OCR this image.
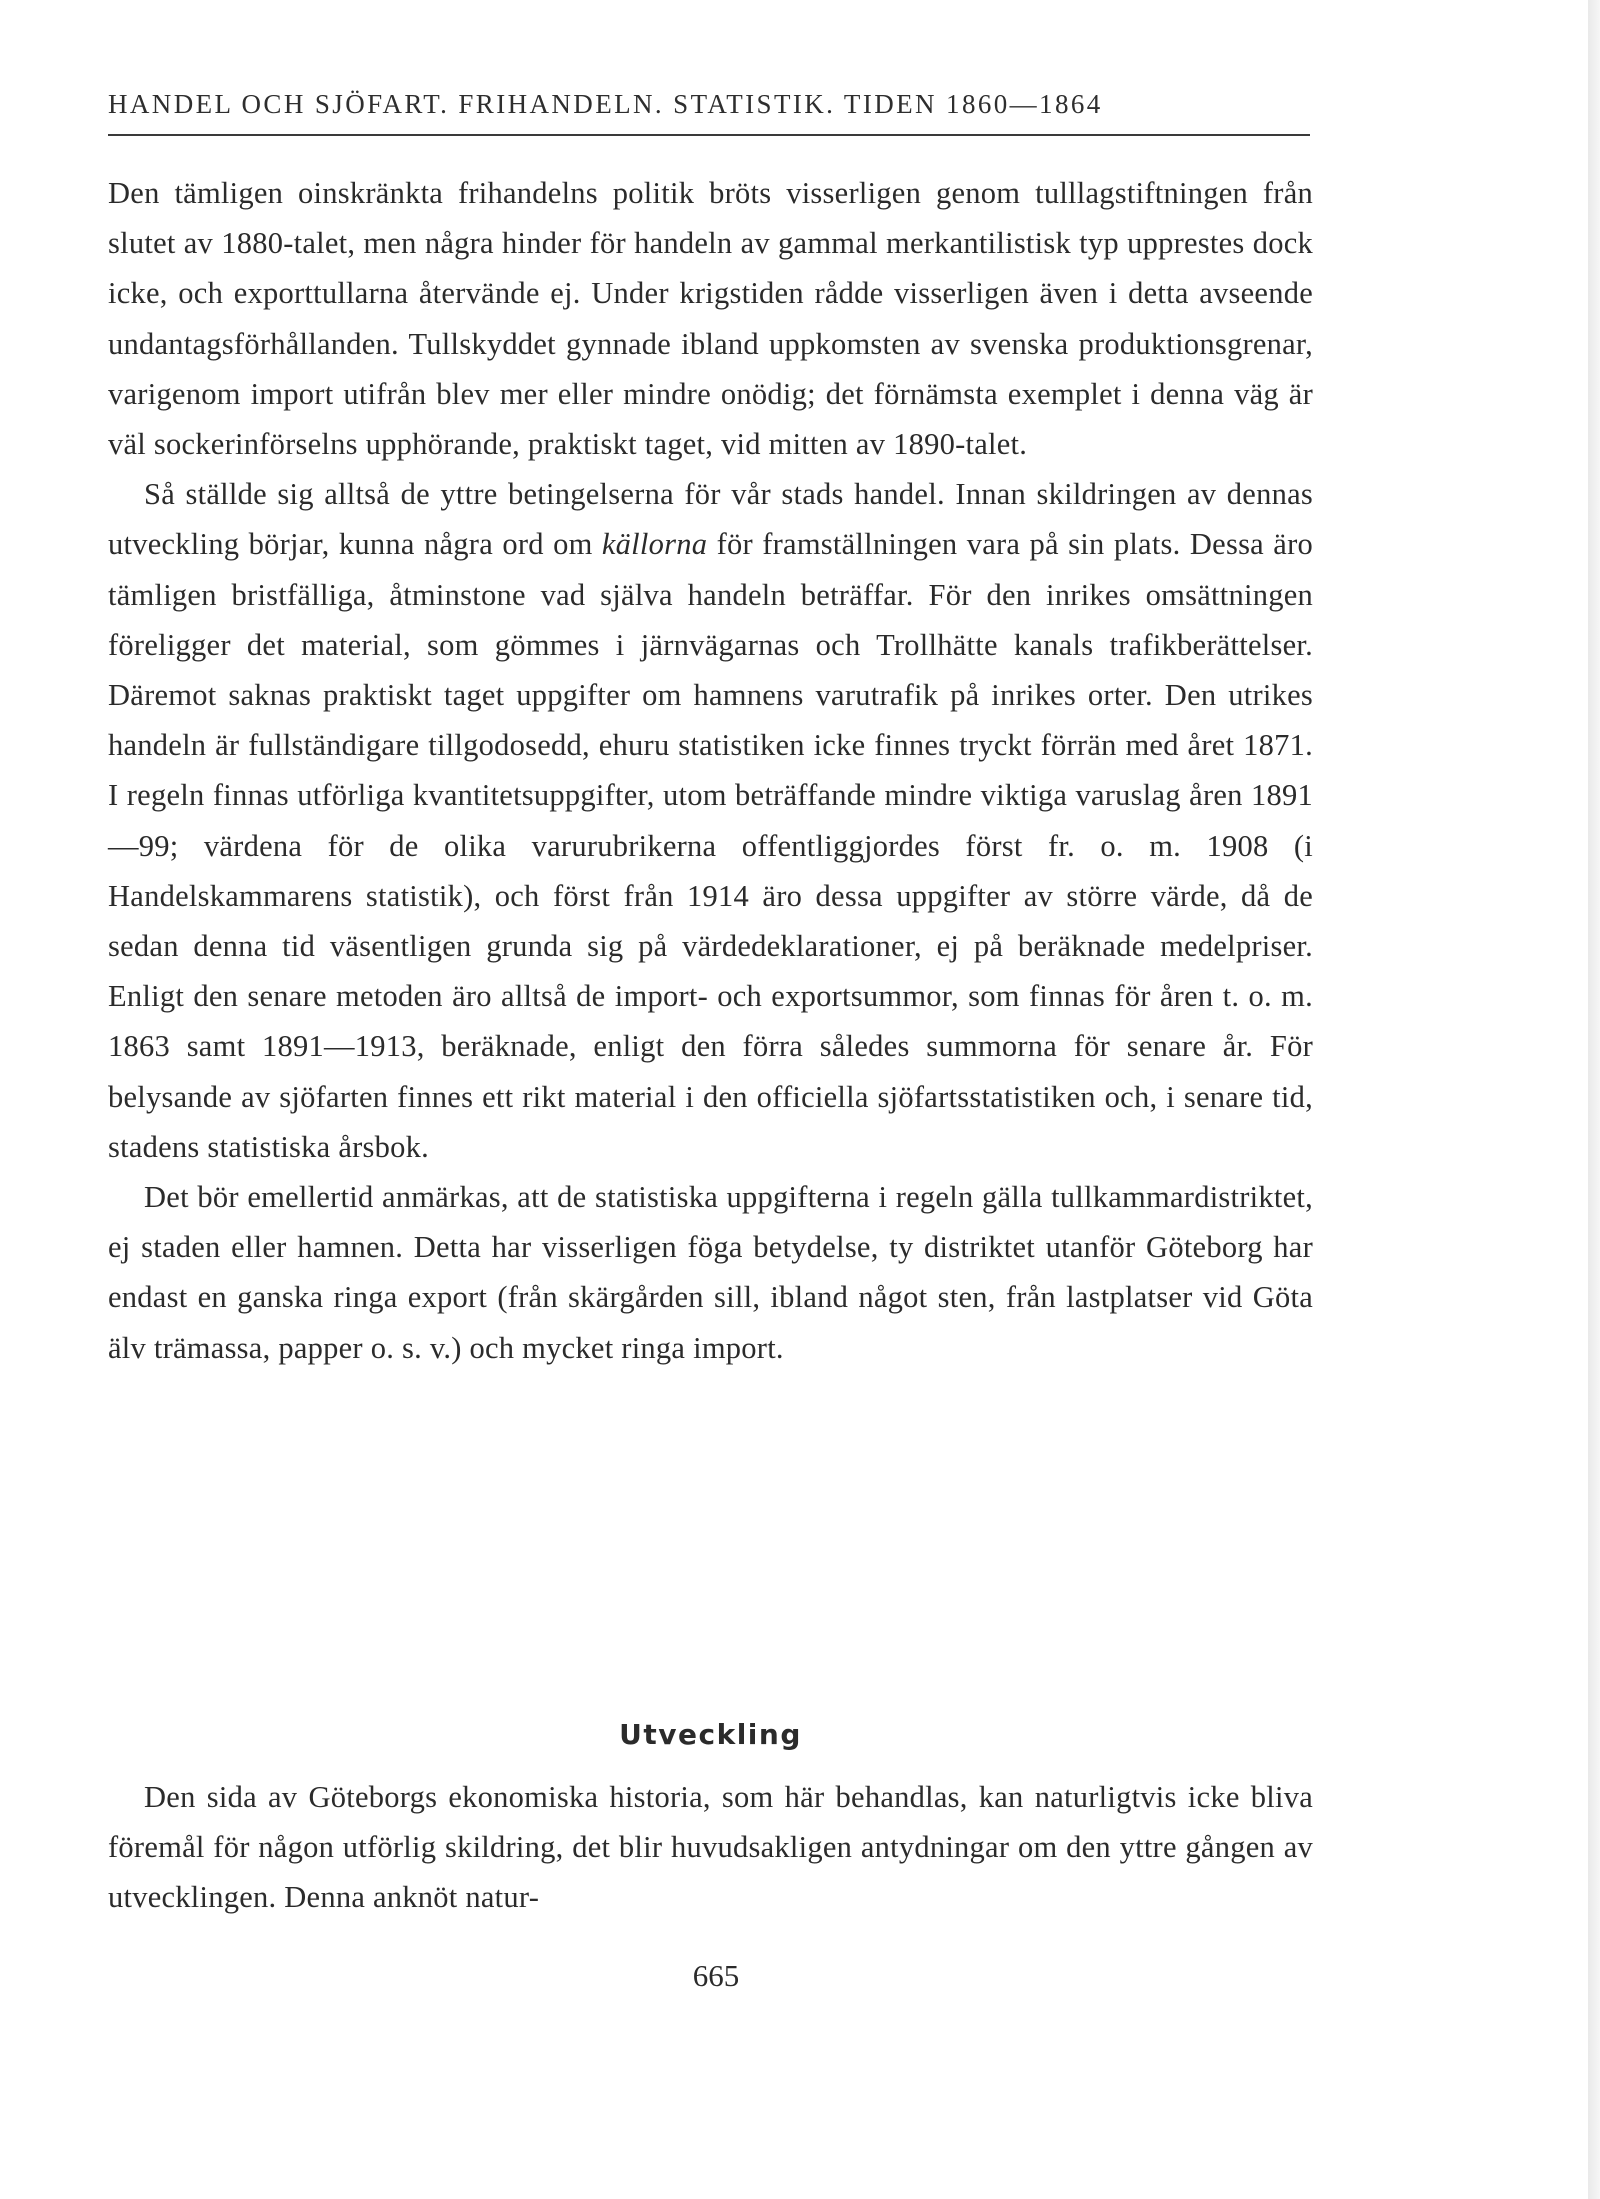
HANDEL OCH SJÖFART. FRIHANDELN. STATISTIK. TIDEN 1860—1864

Den tämligen oinskränkta frihandelns politik bröts visserligen genom tulllagstiftningen från slutet av 1880-talet, men några hinder för handeln av gammal merkantilistisk typ upprestes dock icke, och exporttullarna återvände ej. Under krigstiden rådde visserligen även i detta avseende undantagsförhållanden. Tullskyddet gynnade ibland uppkomsten av svenska produktionsgrenar, varigenom import utifrån blev mer eller mindre onödig; det förnämsta exemplet i denna väg är väl sockerinförselns upphörande, praktiskt taget, vid mitten av 1890-talet.

Så ställde sig alltså de yttre betingelserna för vår stads handel. Innan skildringen av dennas utveckling börjar, kunna några ord om källorna för framställningen vara på sin plats. Dessa äro tämligen bristfälliga, åtminstone vad själva handeln beträffar. För den inrikes omsättningen föreligger det material, som gömmes i järnvägarnas och Trollhätte kanals trafikberättelser. Däremot saknas praktiskt taget uppgifter om hamnens varutrafik på inrikes orter. Den utrikes handeln är fullständigare tillgodosedd, ehuru statistiken icke finnes tryckt förrän med året 1871. I regeln finnas utförliga kvantitetsuppgifter, utom beträffande mindre viktiga varuslag åren 1891—99; värdena för de olika varurubrikerna offentliggjordes först fr. o. m. 1908 (i Handelskammarens statistik), och först från 1914 äro dessa uppgifter av större värde, då de sedan denna tid väsentligen grunda sig på värdedeklarationer, ej på beräknade medelpriser. Enligt den senare metoden äro alltså de import- och exportsummor, som finnas för åren t. o. m. 1863 samt 1891—1913, beräknade, enligt den förra således summorna för senare år. För belysande av sjöfarten finnes ett rikt material i den officiella sjöfartsstatistiken och, i senare tid, stadens statistiska årsbok.

Det bör emellertid anmärkas, att de statistiska uppgifterna i regeln gälla tullkammardistriktet, ej staden eller hamnen. Detta har visserligen föga betydelse, ty distriktet utanför Göteborg har endast en ganska ringa export (från skärgården sill, ibland något sten, från lastplatser vid Göta älv trämassa, papper o. s. v.) och mycket ringa import.

Utveckling

Den sida av Göteborgs ekonomiska historia, som här behandlas, kan naturligtvis icke bliva föremål för någon utförlig skildring, det blir huvudsakligen antydningar om den yttre gången av utvecklingen. Denna anknöt natur-

665
